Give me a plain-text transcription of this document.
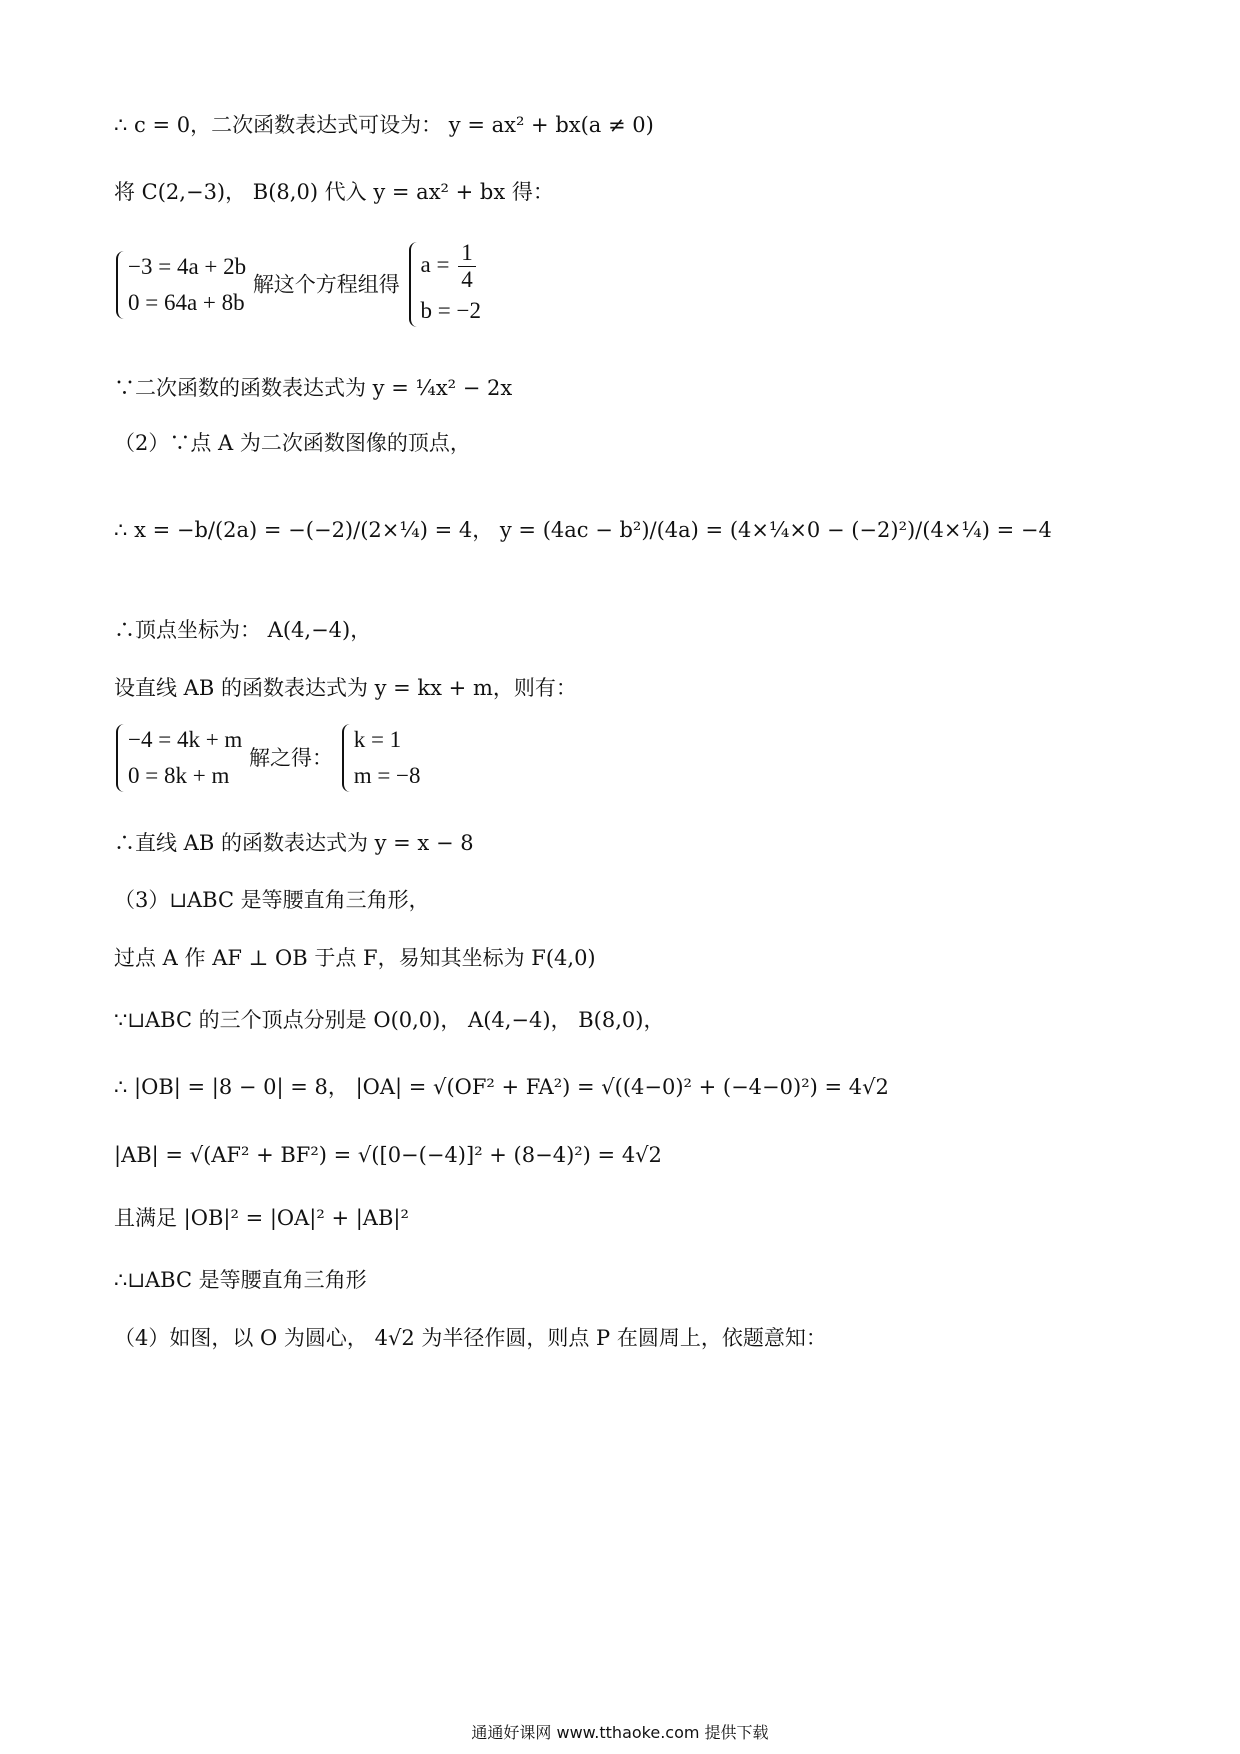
∴ c = 0，二次函数表达式可设为： y = ax² + bx(a ≠ 0)
将 C(2,−3)， B(8,0) 代入 y = ax² + bx 得：
−3 = 4a + 2b
0 = 64a + 8b
解这个方程组得
$a = \frac{1}{4}$
b = −2
∵二次函数的函数表达式为 y = ¼x² − 2x
（2）∵点 A 为二次函数图像的顶点，
∴ x = −b/(2a) = −(−2)/(2×¼) = 4， y = (4ac − b²)/(4a) = (4×¼×0 − (−2)²)/(4×¼) = −4
∴顶点坐标为： A(4,−4)，
设直线 AB 的函数表达式为 y = kx + m，则有：
−4 = 4k + m
0 = 8k + m
解之得：
k = 1
m = −8
∴直线 AB 的函数表达式为 y = x − 8
（3）⊔ABC 是等腰直角三角形，
过点 A 作 AF ⊥ OB 于点 F，易知其坐标为 F(4,0)
∵⊔ABC 的三个顶点分别是 O(0,0)， A(4,−4)， B(8,0)，
∴ |OB| = |8 − 0| = 8， |OA| = √(OF² + FA²) = √((4−0)² + (−4−0)²) = 4√2
|AB| = √(AF² + BF²) = √([0−(−4)]² + (8−4)²) = 4√2
且满足 |OB|² = |OA|² + |AB|²
∴⊔ABC 是等腰直角三角形
（4）如图，以 O 为圆心， 4√2 为半径作圆，则点 P 在圆周上，依题意知：
通通好课网 www.tthaoke.com 提供下载
